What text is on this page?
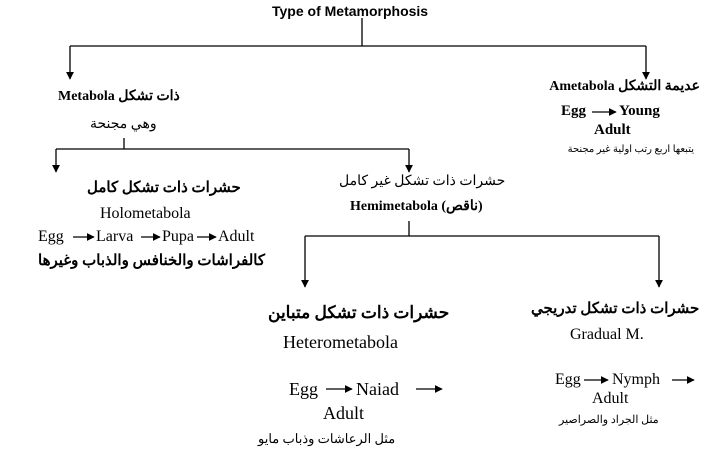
Type of Metamorphosis
عديمة التشكل Ametabola
Egg Young
Adult
يتبعها اربع رتب اولية غير مجنحة
ذات تشكل Metabola
وهي مجنحة
حشرات ذات تشكل كامل
Holometabola
Egg Larva Pupa Adult
كالفراشات والخنافس والذباب وغيرها
حشرات ذات تشكل غير كامل
Hemimetabola (ناقص)
حشرات ذات تشكل متباين
Heterometabola
Egg Naiad
Adult
مثل الرعاشات وذباب مايو
حشرات ذات تشكل تدريجي
Gradual M.
Egg Nymph
Adult
مثل الجراد والصراصير
